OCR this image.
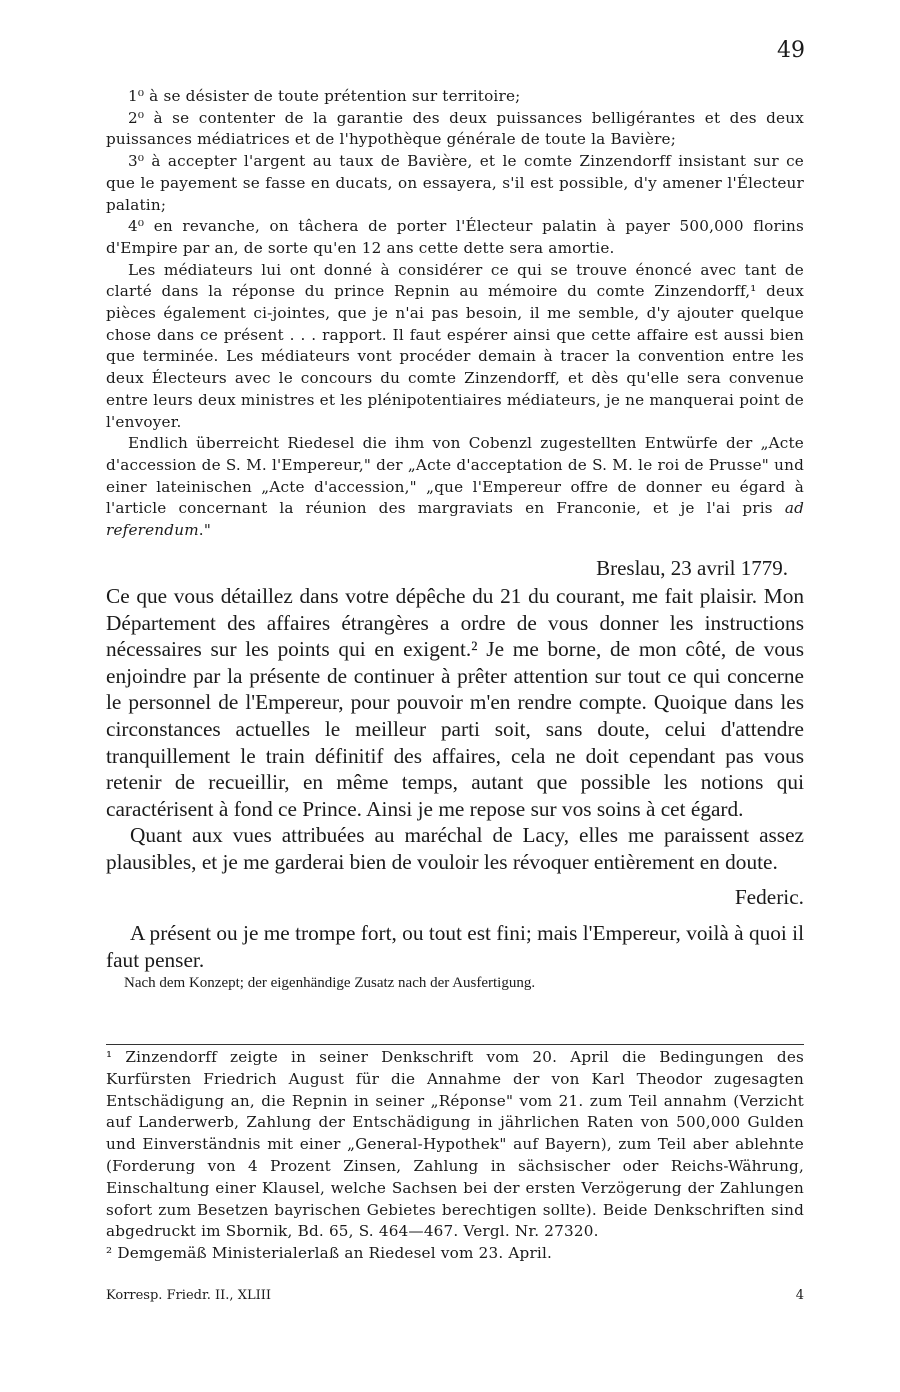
49

1⁰ à se désister de toute prétention sur territoire;

2⁰ à se contenter de la garantie des deux puissances belligérantes et des deux puissances médiatrices et de l'hypothèque générale de toute la Bavière;

3⁰ à accepter l'argent au taux de Bavière, et le comte Zinzendorff insistant sur ce que le payement se fasse en ducats, on essayera, s'il est possible, d'y amener l'Électeur palatin;

4⁰ en revanche, on tâchera de porter l'Électeur palatin à payer 500,000 florins d'Empire par an, de sorte qu'en 12 ans cette dette sera amortie.

Les médiateurs lui ont donné à considérer ce qui se trouve énoncé avec tant de clarté dans la réponse du prince Repnin au mémoire du comte Zinzendorff,¹ deux pièces également ci-jointes, que je n'ai pas besoin, il me semble, d'y ajouter quelque chose dans ce présent . . . rapport. Il faut espérer ainsi que cette affaire est aussi bien que terminée. Les médiateurs vont procéder demain à tracer la convention entre les deux Électeurs avec le concours du comte Zinzendorff, et dès qu'elle sera convenue entre leurs deux ministres et les plénipotentiaires médiateurs, je ne manquerai point de l'envoyer.

Endlich überreicht Riedesel die ihm von Cobenzl zugestellten Entwürfe der „Acte d'accession de S. M. l'Empereur," der „Acte d'acceptation de S. M. le roi de Prusse" und einer lateinischen „Acte d'accession," „que l'Empereur offre de donner eu égard à l'article concernant la réunion des margraviats en Franconie, et je l'ai pris ad referendum."

Breslau, 23 avril 1779.

Ce que vous détaillez dans votre dépêche du 21 du courant, me fait plaisir. Mon Département des affaires étrangères a ordre de vous donner les instructions nécessaires sur les points qui en exigent.² Je me borne, de mon côté, de vous enjoindre par la présente de continuer à prêter attention sur tout ce qui concerne le personnel de l'Empereur, pour pouvoir m'en rendre compte. Quoique dans les circonstances actuelles le meilleur parti soit, sans doute, celui d'attendre tranquillement le train définitif des affaires, cela ne doit cependant pas vous retenir de recueillir, en même temps, autant que possible les notions qui caractérisent à fond ce Prince. Ainsi je me repose sur vos soins à cet égard.

Quant aux vues attribuées au maréchal de Lacy, elles me paraissent assez plausibles, et je me garderai bien de vouloir les révoquer entièrement en doute.

Federic.

A présent ou je me trompe fort, ou tout est fini; mais l'Empereur, voilà à quoi il faut penser.

Nach dem Konzept; der eigenhändige Zusatz nach der Ausfertigung.

¹ Zinzendorff zeigte in seiner Denkschrift vom 20. April die Bedingungen des Kurfürsten Friedrich August für die Annahme der von Karl Theodor zugesagten Entschädigung an, die Repnin in seiner „Réponse" vom 21. zum Teil annahm (Verzicht auf Landerwerb, Zahlung der Entschädigung in jährlichen Raten von 500,000 Gulden und Einverständnis mit einer „General-Hypothek" auf Bayern), zum Teil aber ablehnte (Forderung von 4 Prozent Zinsen, Zahlung in sächsischer oder Reichs-Währung, Einschaltung einer Klausel, welche Sachsen bei der ersten Verzögerung der Zahlungen sofort zum Besetzen bayrischen Gebietes berechtigen sollte). Beide Denkschriften sind abgedruckt im Sbornik, Bd. 65, S. 464—467. Vergl. Nr. 27320.

² Demgemäß Ministerialerlaß an Riedesel vom 23. April.

Korresp. Friedr. II., XLIII	4
